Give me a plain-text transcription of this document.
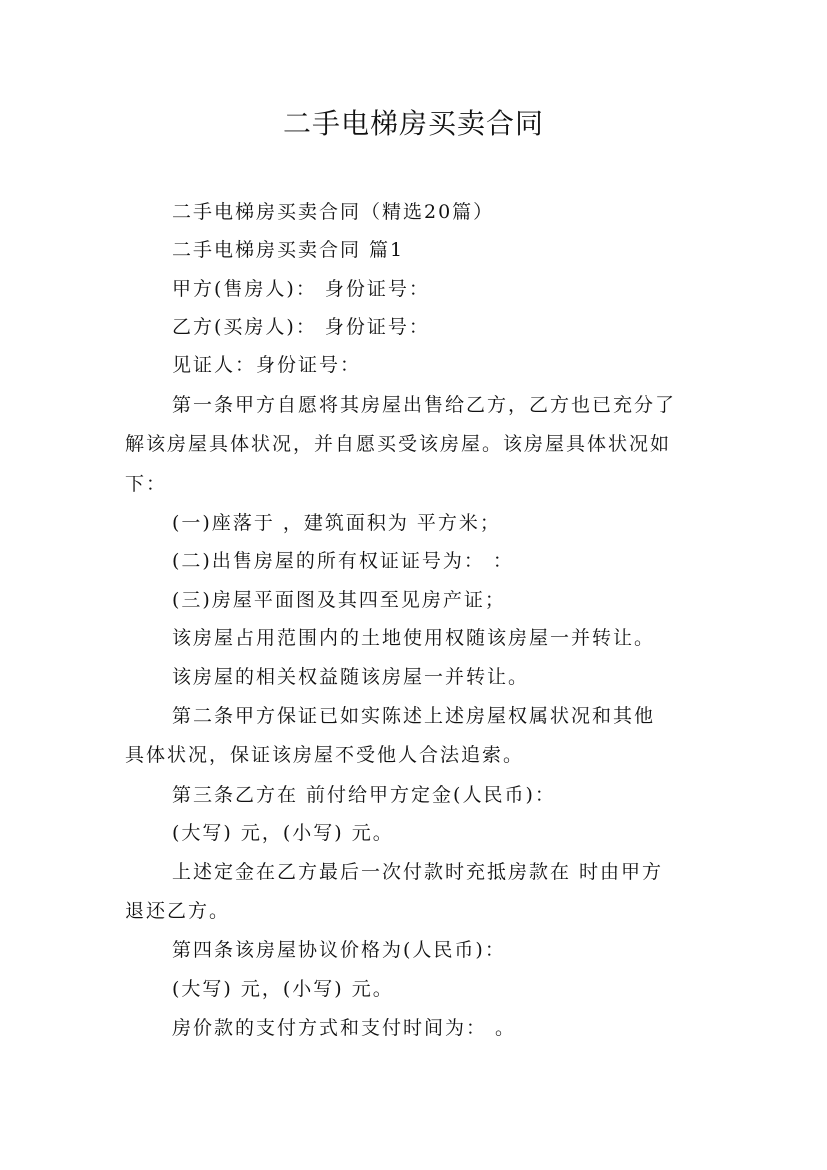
二手电梯房买卖合同
二手电梯房买卖合同（精选20篇）
二手电梯房买卖合同 篇1
甲方(售房人)： 身份证号：
乙方(买房人)： 身份证号：
见证人：身份证号：
第一条甲方自愿将其房屋出售给乙方，乙方也已充分了
解该房屋具体状况，并自愿买受该房屋。该房屋具体状况如
下：
(一)座落于 ，建筑面积为 平方米；
(二)出售房屋的所有权证证号为： ：
(三)房屋平面图及其四至见房产证；
该房屋占用范围内的土地使用权随该房屋一并转让。
该房屋的相关权益随该房屋一并转让。
第二条甲方保证已如实陈述上述房屋权属状况和其他
具体状况，保证该房屋不受他人合法追索。
第三条乙方在 前付给甲方定金(人民币)：
(大写) 元，(小写) 元。
上述定金在乙方最后一次付款时充抵房款在 时由甲方
退还乙方。
第四条该房屋协议价格为(人民币)：
(大写) 元，(小写) 元。
房价款的支付方式和支付时间为： 。
